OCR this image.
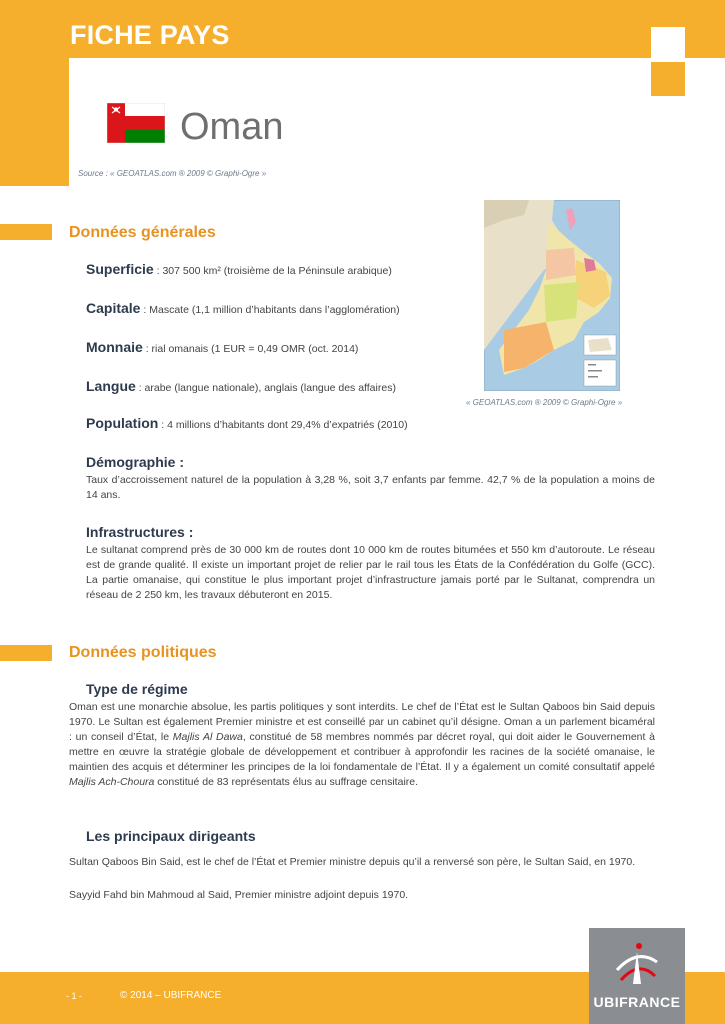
FICHE PAYS
Oman
Source : « GEOATLAS.com ® 2009 © Graphi-Ogre »
« GEOATLAS.com ® 2009 © Graphi-Ogre »
Données générales
Superficie : 307 500 km² (troisième de la Péninsule arabique)
Capitale : Mascate (1,1 million d’habitants dans l’agglomération)
Monnaie : rial omanais (1 EUR = 0,49 OMR (oct. 2014)
Langue : arabe (langue nationale), anglais (langue des affaires)
Population : 4 millions d’habitants dont 29,4% d’expatriés (2010)
Démographie :
Taux d’accroissement naturel de la population à 3,28 %, soit 3,7 enfants par femme. 42,7 % de la population a moins de 14 ans.
Infrastructures :
Le sultanat comprend près de 30 000 km de routes dont 10 000 km de routes bitumées et 550 km d’autoroute. Le réseau est de grande qualité. Il existe un important projet de relier par le rail tous les États de la Confédération du Golfe (GCC). La partie omanaise, qui constitue le plus important projet d’infrastructure jamais porté par le Sultanat, comprendra un réseau de 2 250 km, les travaux débuteront en 2015.
Données politiques
Type de régime
Oman est une monarchie absolue, les partis politiques y sont interdits. Le chef de l’État est le Sultan Qaboos bin Said depuis 1970. Le Sultan est également Premier ministre et est conseillé par un cabinet qu’il désigne. Oman a un parlement bicaméral : un conseil d’État, le Majlis Al Dawa, constitué de 58 membres nommés par décret royal, qui doit aider le Gouvernement à mettre en œuvre la stratégie globale de développement et contribuer à approfondir les racines de la société omanaise, le maintien des acquis et déterminer les principes de la loi fondamentale de l’État. Il y a également un comité consultatif appelé Majlis Ach-Choura constitué de 83 représentats élus au suffrage censitaire.
Les principaux dirigeants
Sultan Qaboos Bin Said, est le chef de l’État et Premier ministre depuis qu’il a renversé son père, le Sultan Said, en 1970.
Sayyid Fahd bin Mahmoud al Said, Premier ministre adjoint depuis 1970.
- 1 -	© 2014 – UBIFRANCE	UBIFRANCE
